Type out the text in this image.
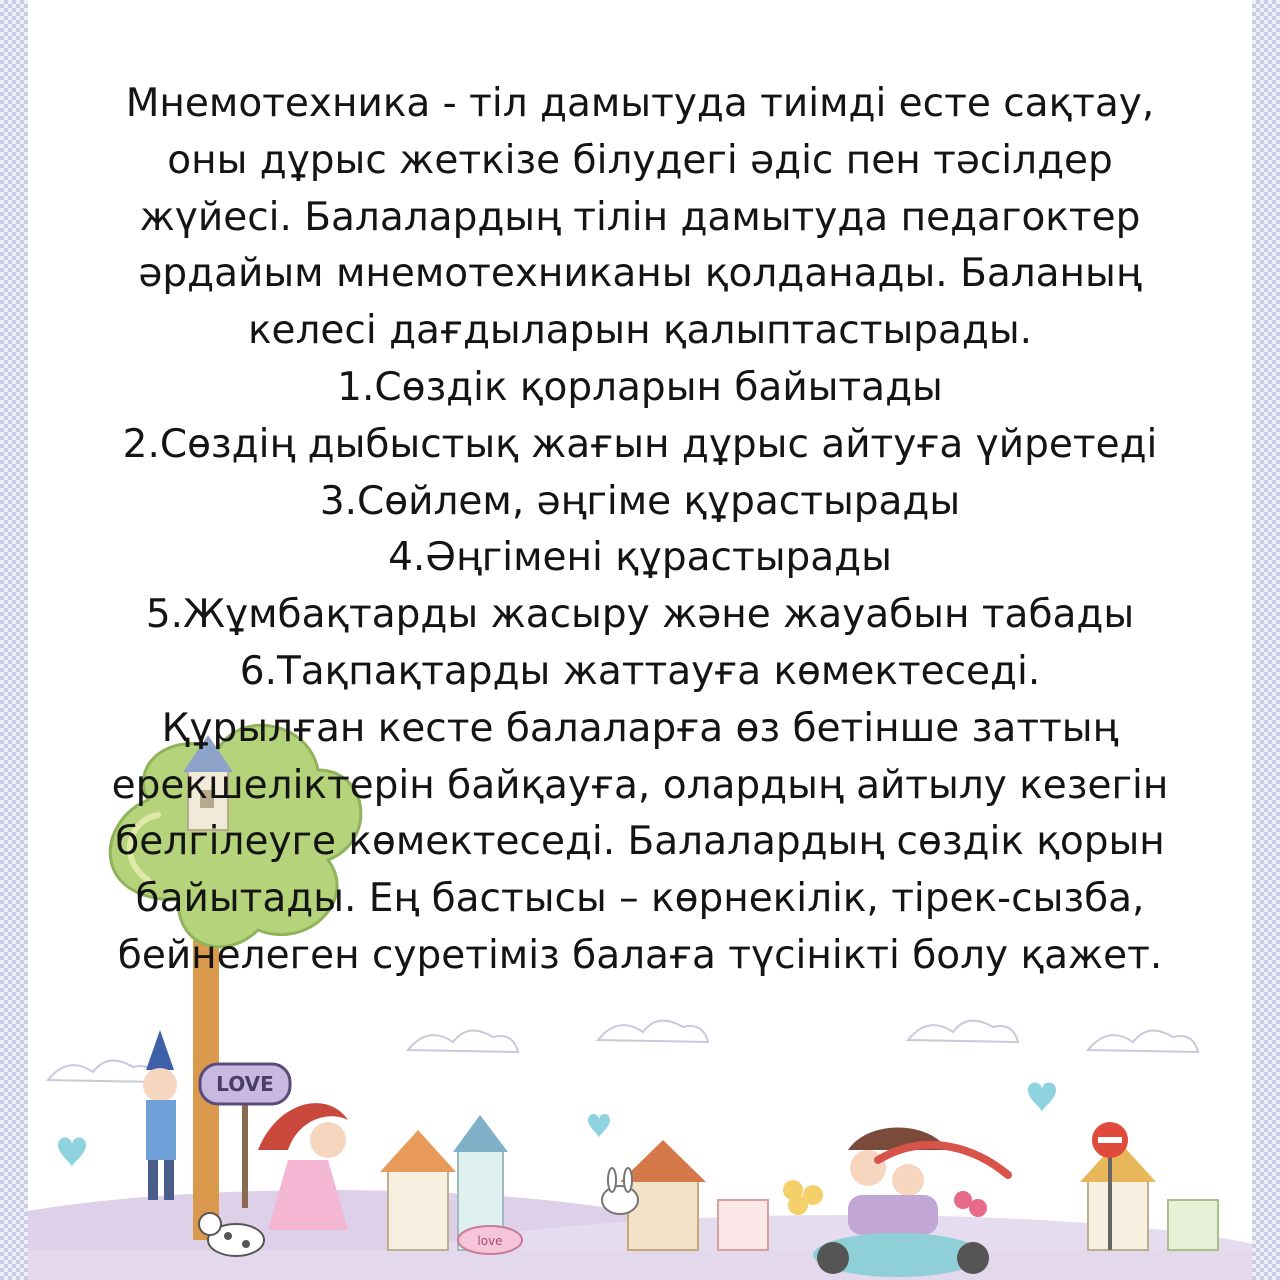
LOVE
love
Мнемотехника - тіл дамытуда тиімді есте сақтау,
оны дұрыс жеткізе білудегі әдіс пен тәсілдер
жүйесі. Балалардың тілін дамытуда педагоктер
әрдайым мнемотехниканы қолданады. Баланың
келесі дағдыларын қалыптастырады.
1.Сөздік қорларын байытады
2.Сөздің дыбыстық жағын дұрыс айтуға үйретеді
3.Сөйлем, әңгіме құрастырады
4.Әңгімені құрастырады
5.Жұмбақтарды жасыру және жауабын табады
6.Тақпақтарды жаттауға көмектеседі.
Құрылған кесте балаларға өз бетінше заттың
ерекшеліктерін байқауға, олардың айтылу кезегін
белгілеуге көмектеседі. Балалардың сөздік қорын
байытады. Ең бастысы – көрнекілік, тірек-сызба,
бейнелеген суретіміз балаға түсінікті болу қажет.
